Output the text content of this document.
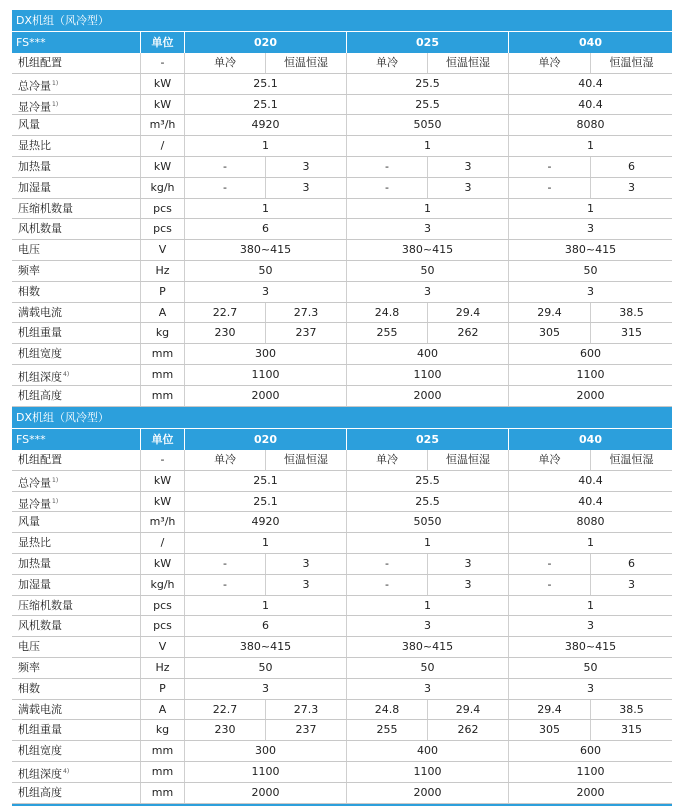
DX机组（风冷型）
FS***	单位	020	025	040
机组配置	-	单冷	恒温恒湿	单冷	恒温恒湿	单冷	恒温恒湿
总冷量$^{1)}$	kW	25.1	25.5	40.4
显冷量$^{1)}$	kW	25.1	25.5	40.4
风量	m³/h	4920	5050	8080
显热比	/	1	1	1
加热量	kW	-	3	-	3	-	6
加湿量	kg/h	-	3	-	3	-	3
压缩机数量	pcs	1	1	1
风机数量	pcs	6	3	3
电压	V	380~415	380~415	380~415
频率	Hz	50	50	50
相数	P	3	3	3
满载电流	A	22.7	27.3	24.8	29.4	29.4	38.5
机组重量	kg	230	237	255	262	305	315
机组宽度	mm	300	400	600
机组深度$^{4)}$	mm	1100	1100	1100
机组高度	mm	2000	2000	2000
DX机组（风冷型）
FS***	单位	020	025	040
机组配置	-	单冷	恒温恒湿	单冷	恒温恒湿	单冷	恒温恒湿
总冷量$^{1)}$	kW	25.1	25.5	40.4
显冷量$^{1)}$	kW	25.1	25.5	40.4
风量	m³/h	4920	5050	8080
显热比	/	1	1	1
加热量	kW	-	3	-	3	-	6
加湿量	kg/h	-	3	-	3	-	3
压缩机数量	pcs	1	1	1
风机数量	pcs	6	3	3
电压	V	380~415	380~415	380~415
频率	Hz	50	50	50
相数	P	3	3	3
满载电流	A	22.7	27.3	24.8	29.4	29.4	38.5
机组重量	kg	230	237	255	262	305	315
机组宽度	mm	300	400	600
机组深度$^{4)}$	mm	1100	1100	1100
机组高度	mm	2000	2000	2000
